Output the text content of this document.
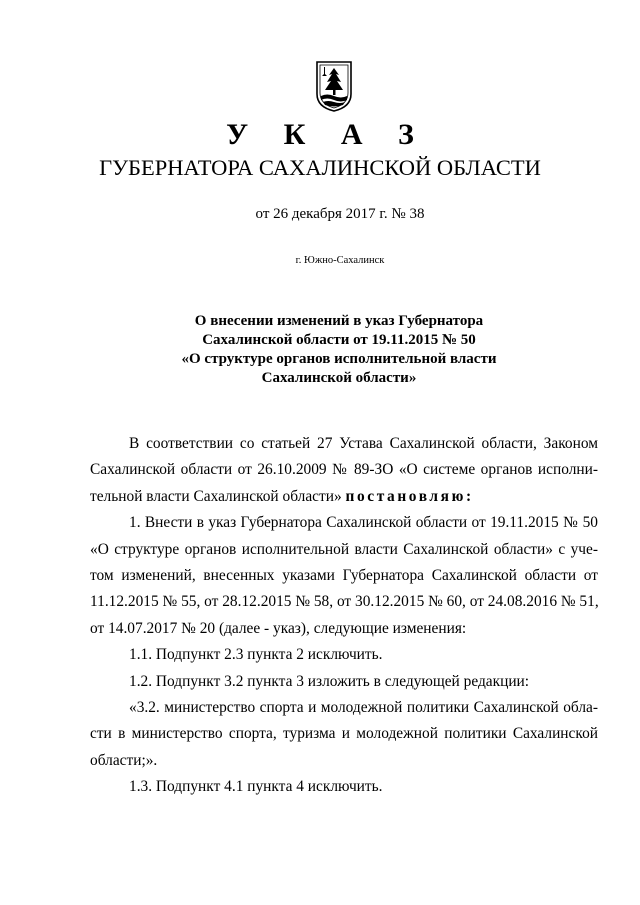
У К А З
ГУБЕРНАТОРА САХАЛИНСКОЙ ОБЛАСТИ
от 26 декабря 2017 г. № 38
г. Южно-Сахалинск
О внесении изменений в указ Губернатора
Сахалинской области от 19.11.2015 № 50
«О структуре органов исполнительной власти
Сахалинской области»
В соответствии со статьей 27 Устава Сахалинской области, Законом
Сахалинской области от 26.10.2009 № 89-ЗО «О системе органов исполни-
тельной власти Сахалинской области» постановляю:
1. Внести в указ Губернатора Сахалинской области от 19.11.2015 № 50
«О структуре органов исполнительной власти Сахалинской области» с уче-
том изменений, внесенных указами Губернатора Сахалинской области от
11.12.2015 № 55, от 28.12.2015 № 58, от 30.12.2015 № 60, от 24.08.2016 № 51,
от 14.07.2017 № 20 (далее - указ), следующие изменения:
1.1. Подпункт 2.3 пункта 2 исключить.
1.2. Подпункт 3.2 пункта 3 изложить в следующей редакции:
«3.2. министерство спорта и молодежной политики Сахалинской обла-
сти в министерство спорта, туризма и молодежной политики Сахалинской
области;».
1.3. Подпункт 4.1 пункта 4 исключить.
